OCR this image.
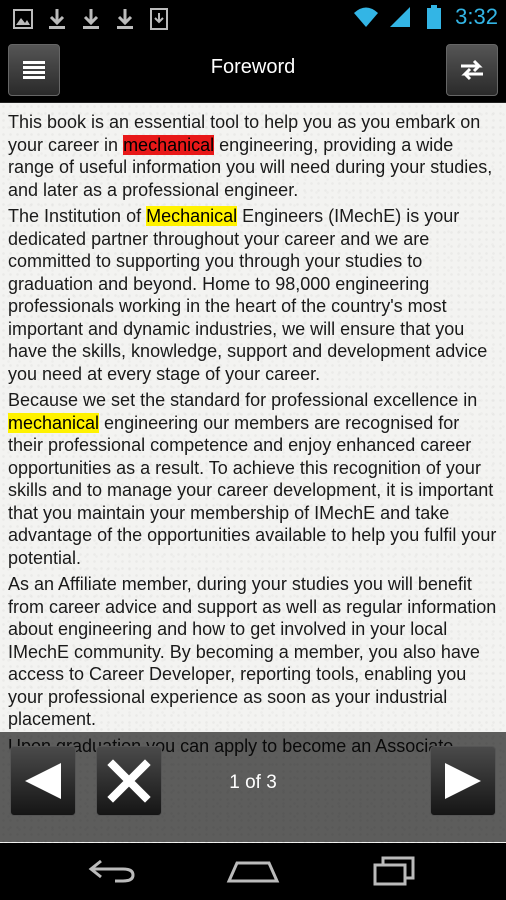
3:32
Foreword

This book is an essential tool to help you as you embark on your career in mechanical engineering, providing a wide range of useful information you will need during your studies, and later as a professional engineer.

The Institution of Mechanical Engineers (IMechE) is your dedicated partner throughout your career and we are committed to supporting you through your studies to graduation and beyond. Home to 98,000 engineering professionals working in the heart of the country's most important and dynamic industries, we will ensure that you have the skills, knowledge, support and development advice you need at every stage of your career.

Because we set the standard for professional excellence in mechanical engineering our members are recognised for their professional competence and enjoy enhanced career opportunities as a result. To achieve this recognition of your skills and to manage your career development, it is important that you maintain your membership of IMechE and take advantage of the opportunities available to help you fulfil your potential.

As an Affiliate member, during your studies you will benefit from career advice and support as well as regular information about engineering and how to get involved in your local IMechE community. By becoming a member, you also have access to Career Developer, reporting tools, enabling you your professional experience as soon as your industrial placement.

1 of 3
